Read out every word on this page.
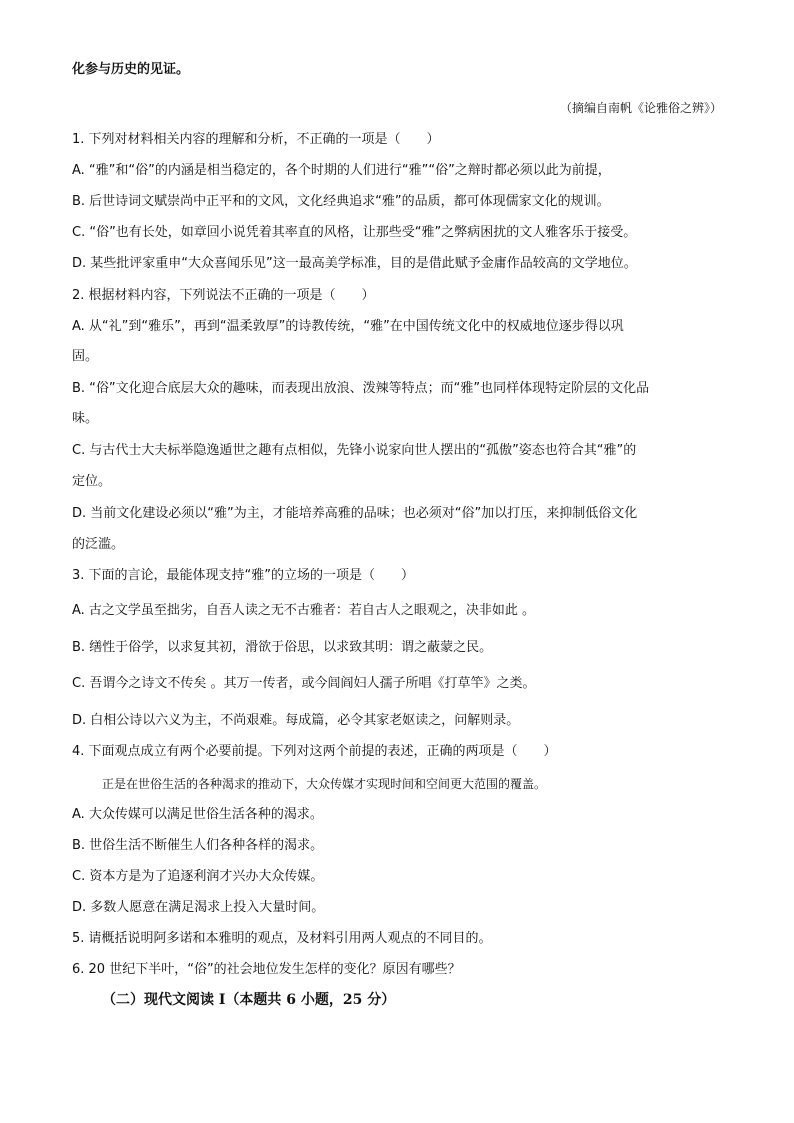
化参与历史的见证。
（摘编自南帆《论雅俗之辨》）
1. 下列对材料相关内容的理解和分析，不正确的一项是（　　）
A. “雅”和“俗”的内涵是相当稳定的，各个时期的人们进行“雅”“俗”之辩时都必须以此为前提，
B. 后世诗词文赋崇尚中正平和的文风，文化经典追求“雅”的品质，都可体现儒家文化的规训。
C. “俗”也有长处，如章回小说凭着其率直的风格，让那些受“雅”之弊病困扰的文人雅客乐于接受。
D. 某些批评家重申“大众喜闻乐见”这一最高美学标准，目的是借此赋予金庸作品较高的文学地位。
2. 根据材料内容，下列说法不正确的一项是（　　）
A. 从“礼”到“雅乐”，再到“温柔敦厚”的诗教传统，“雅”在中国传统文化中的权威地位逐步得以巩
固。
B. “俗”文化迎合底层大众的趣味，而表现出放浪、泼辣等特点；而“雅”也同样体现特定阶层的文化品
味。
C. 与古代士大夫标举隐逸遁世之趣有点相似，先锋小说家向世人摆出的“孤傲”姿态也符合其“雅”的
定位。
D. 当前文化建设必须以“雅”为主，才能培养高雅的品味；也必须对“俗”加以打压，来抑制低俗文化
的泛滥。
3. 下面的言论，最能体现支持“雅”的立场的一项是（　　）
A. 古之文学虽至拙劣，自吾人读之无不古雅者：若自古人之眼观之，决非如此 。
B. 缮性于俗学，以求复其初，滑欲于俗思，以求致其明：谓之蔽蒙之民。
C. 吾谓今之诗文不传矣 。其万一传者，或今闾阎妇人孺子所唱《打草竿》之类。
D. 白相公诗以六义为主，不尚艰难。每成篇，必令其家老妪读之，问解则录。
4. 下面观点成立有两个必要前提。下列对这两个前提的表述，正确的两项是（　　）
正是在世俗生活的各种渴求的推动下，大众传媒才实现时间和空间更大范围的覆盖。
A. 大众传媒可以满足世俗生活各种的渴求。
B. 世俗生活不断催生人们各种各样的渴求。
C. 资本方是为了追逐利润才兴办大众传媒。
D. 多数人愿意在满足渴求上投入大量时间。
5. 请概括说明阿多诺和本雅明的观点，及材料引用两人观点的不同目的。
6. 20 世纪下半叶，“俗”的社会地位发生怎样的变化？原因有哪些？
（二）现代文阅读 I（本题共 6 小题，25 分）
